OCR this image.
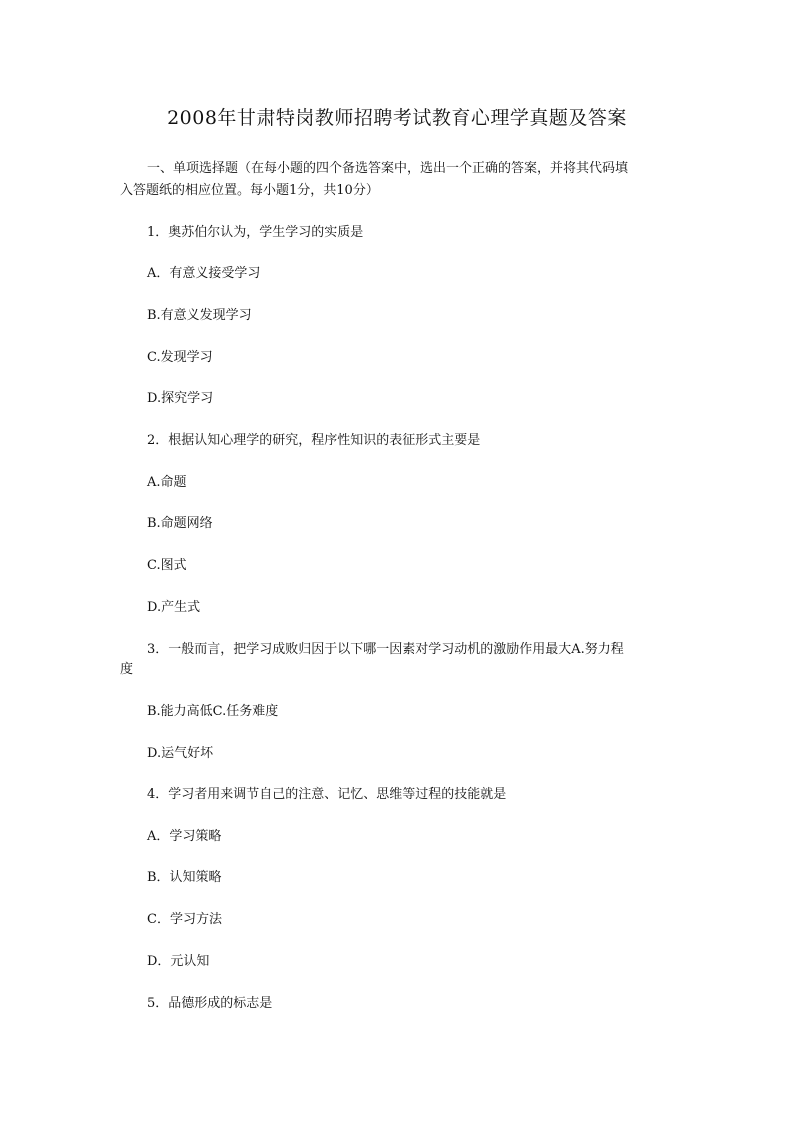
2008年甘肃特岗教师招聘考试教育心理学真题及答案
一、单项选择题（在每小题的四个备选答案中，选出一个正确的答案，并将其代码填
入答题纸的相应位置。每小题1分，共10分）
1．奥苏伯尔认为，学生学习的实质是
A．有意义接受学习
B.有意义发现学习
C.发现学习
D.探究学习
2．根据认知心理学的研究，程序性知识的表征形式主要是
A.命题
B.命题网络
C.图式
D.产生式
3．一般而言，把学习成败归因于以下哪一因素对学习动机的激励作用最大A.努力程
度
B.能力高低C.任务难度
D.运气好坏
4．学习者用来调节自己的注意、记忆、思维等过程的技能就是
A．学习策略
B．认知策略
C．学习方法
D．元认知
5．品德形成的标志是
